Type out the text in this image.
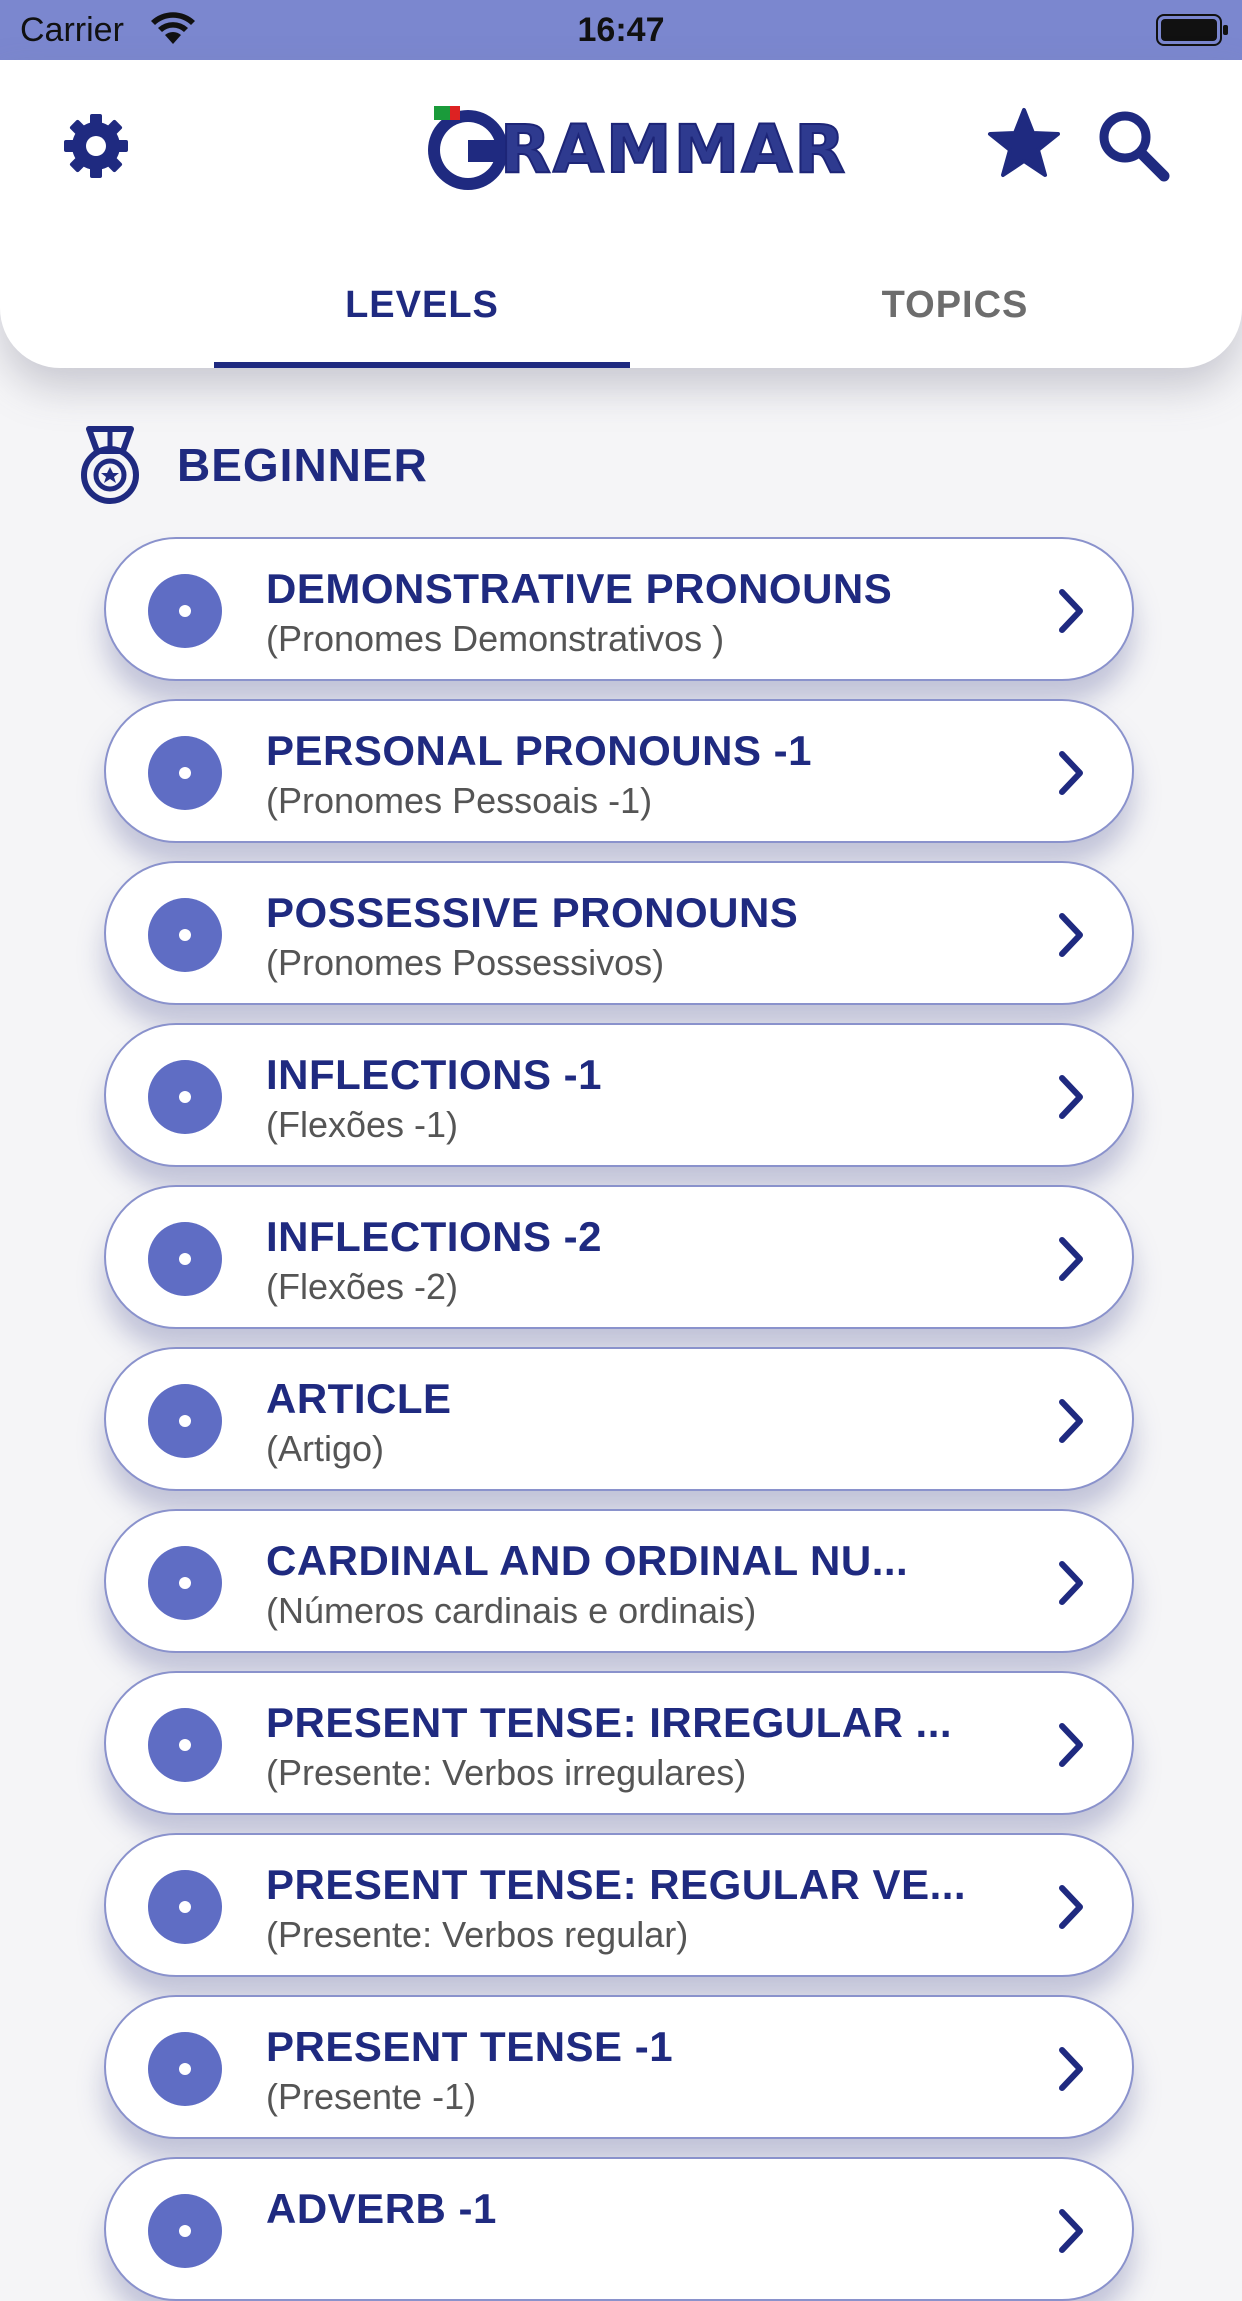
Carrier	16:47
RAMMAR
LEVELS	TOPICS
BEGINNER
DEMONSTRATIVE PRONOUNS
(Pronomes Demonstrativos )
PERSONAL PRONOUNS -1
(Pronomes Pessoais -1)
POSSESSIVE PRONOUNS
(Pronomes Possessivos)
INFLECTIONS -1
(Flexões -1)
INFLECTIONS -2
(Flexões -2)
ARTICLE
(Artigo)
CARDINAL AND ORDINAL NU...
(Números cardinais e ordinais)
PRESENT TENSE: IRREGULAR ...
(Presente: Verbos irregulares)
PRESENT TENSE: REGULAR VE...
(Presente: Verbos regular)
PRESENT TENSE -1
(Presente -1)
ADVERB -1
